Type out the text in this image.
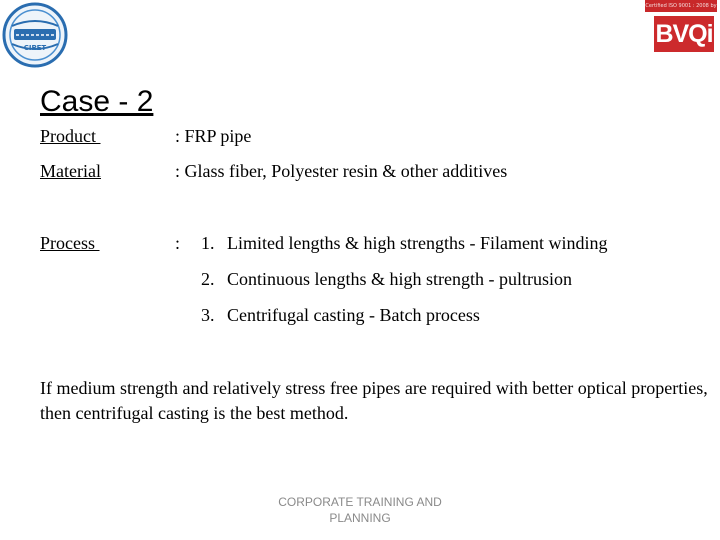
CIPET
Certified ISO 9001 : 2008 by
BVQi
Case - 2
Product	: FRP pipe
Material	: Glass fiber, Polyester resin & other additives
Process	: 1. Limited lengths & high strengths - Filament winding
2. Continuous lengths & high strength - pultrusion
3. Centrifugal casting - Batch process
If medium strength and relatively stress free pipes are required with better optical properties, then centrifugal casting is the best method.
CORPORATE TRAINING AND
PLANNING
